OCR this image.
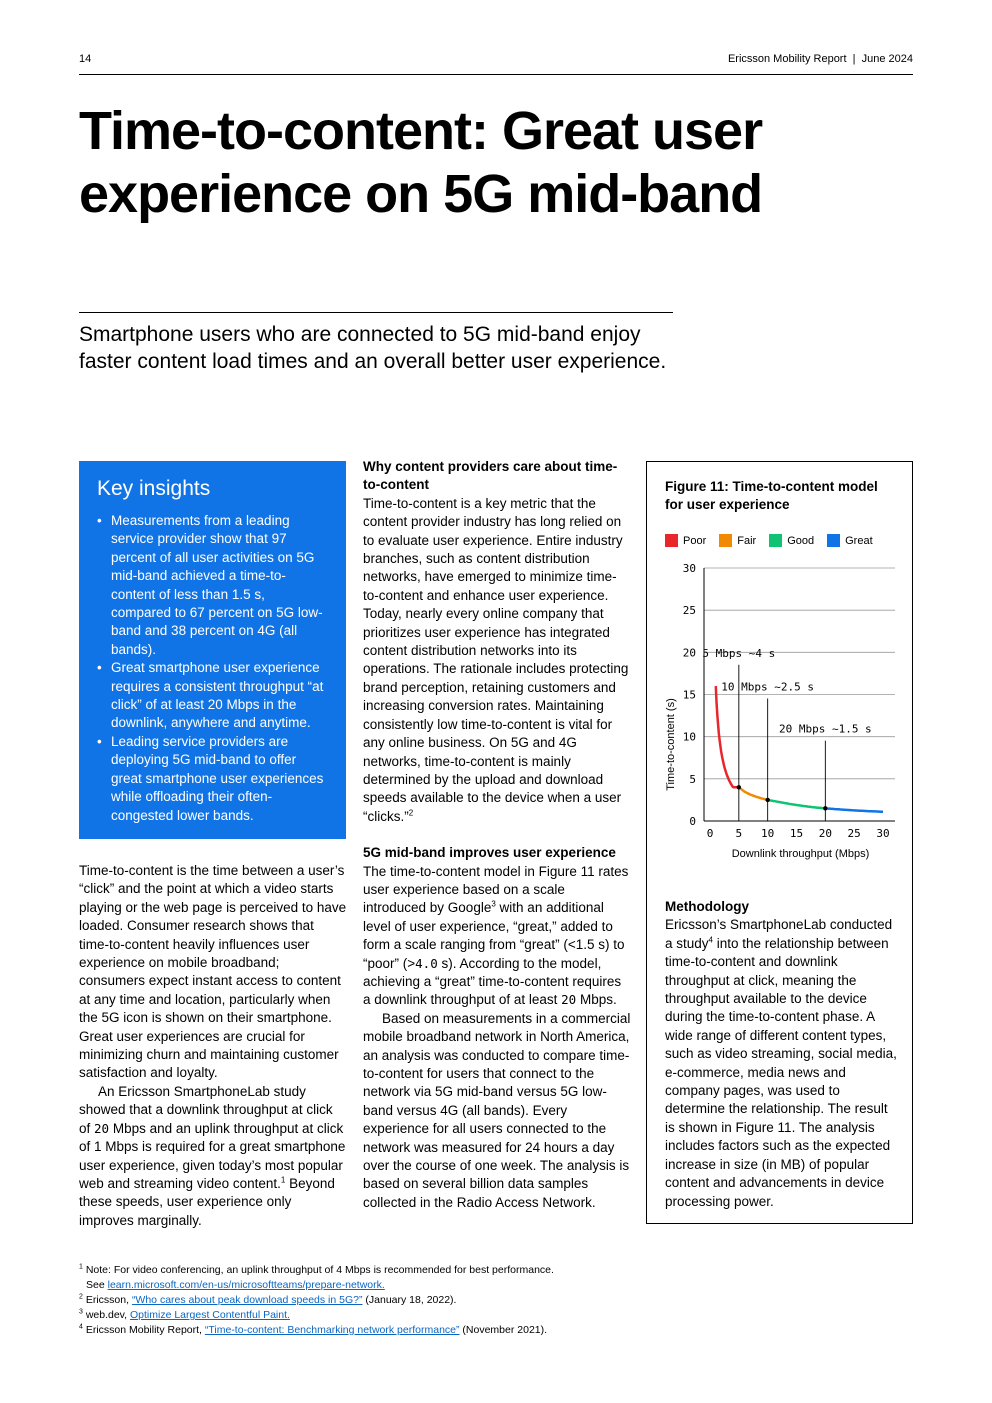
14	Ericsson Mobility Report  |  June 2024
Time-to-content: Great user experience on 5G mid-band
Smartphone users who are connected to 5G mid-band enjoy faster content load times and an overall better user experience.
Key insights
• Measurements from a leading service provider show that 97 percent of all user activities on 5G mid-band achieved a time-to-content of less than 1.5 s, compared to 67 percent on 5G low-band and 38 percent on 4G (all bands).
• Great smartphone user experience requires a consistent throughput “at click” of at least 20 Mbps in the downlink, anywhere and anytime.
• Leading service providers are deploying 5G mid-band to offer great smartphone user experiences while offloading their often-congested lower bands.

Time-to-content is the time between a user’s “click” and the point at which a video starts playing or the web page is perceived to have loaded. Consumer research shows that time-to-content heavily influences user experience on mobile broadband; consumers expect instant access to content at any time and location, particularly when the 5G icon is shown on their smartphone. Great user experiences are crucial for minimizing churn and maintaining customer satisfaction and loyalty.

An Ericsson SmartphoneLab study showed that a downlink throughput at click of 20 Mbps and an uplink throughput at click of 1 Mbps is required for a great smartphone user experience, given today’s most popular web and streaming video content.$^1$ Beyond these speeds, user experience only improves marginally.

Why content providers care about time-to-content

Time-to-content is a key metric that the content provider industry has long relied on to evaluate user experience. Entire industry branches, such as content distribution networks, have emerged to minimize time-to-content and enhance user experience. Today, nearly every online company that prioritizes user experience has integrated content distribution networks into its operations. The rationale includes protecting brand perception, retaining customers and increasing conversion rates. Maintaining consistently low time-to-content is vital for any online business. On 5G and 4G networks, time-to-content is mainly determined by the upload and download speeds available to the device when a user “clicks.”$^2$

5G mid-band improves user experience

The time-to-content model in Figure 11 rates user experience based on a scale introduced by Google$^3$ with an additional level of user experience, “great,” added to form a scale ranging from “great” (<1.5 s) to “poor” (>4.0 s). According to the model, achieving a “great” time-to-content requires a downlink throughput of at least 20 Mbps.

Based on measurements in a commercial mobile broadband network in North America, an analysis was conducted to compare time-to-content for users that connect to the network via 5G mid-band versus 5G low-band versus 4G (all bands). Every experience for all users connected to the network was measured for 24 hours a day over the course of one week. The analysis is based on several billion data samples collected in the Radio Access Network.

Figure 11: Time-to-content model for user experience
Poor	Fair	Good	Great
0
5
10
15
20
25
30
0 5 10 15 20 25 30
Downlink throughput (Mbps)
Time-to-content (s)
5 Mbps ~4 s
10 Mbps ~2.5 s
20 Mbps ~1.5 s
Methodology

Ericsson’s SmartphoneLab conducted a study$^4$ into the relationship between time-to-content and downlink throughput at click, meaning the throughput available to the device during the time-to-content phase. A wide range of different content types, such as video streaming, social media, e-commerce, media news and company pages, was used to determine the relationship. The result is shown in Figure 11. The analysis includes factors such as the expected increase in size (in MB) of popular content and advancements in device processing power.

$^1$ Note: For video conferencing, an uplink throughput of 4 Mbps is recommended for best performance.

See learn.microsoft.com/en-us/microsoftteams/prepare-network.

$^2$ Ericsson, “Who cares about peak download speeds in 5G?” (January 18, 2022).

$^3$ web.dev, Optimize Largest Contentful Paint.

$^4$ Ericsson Mobility Report, “Time-to-content: Benchmarking network performance” (November 2021).
